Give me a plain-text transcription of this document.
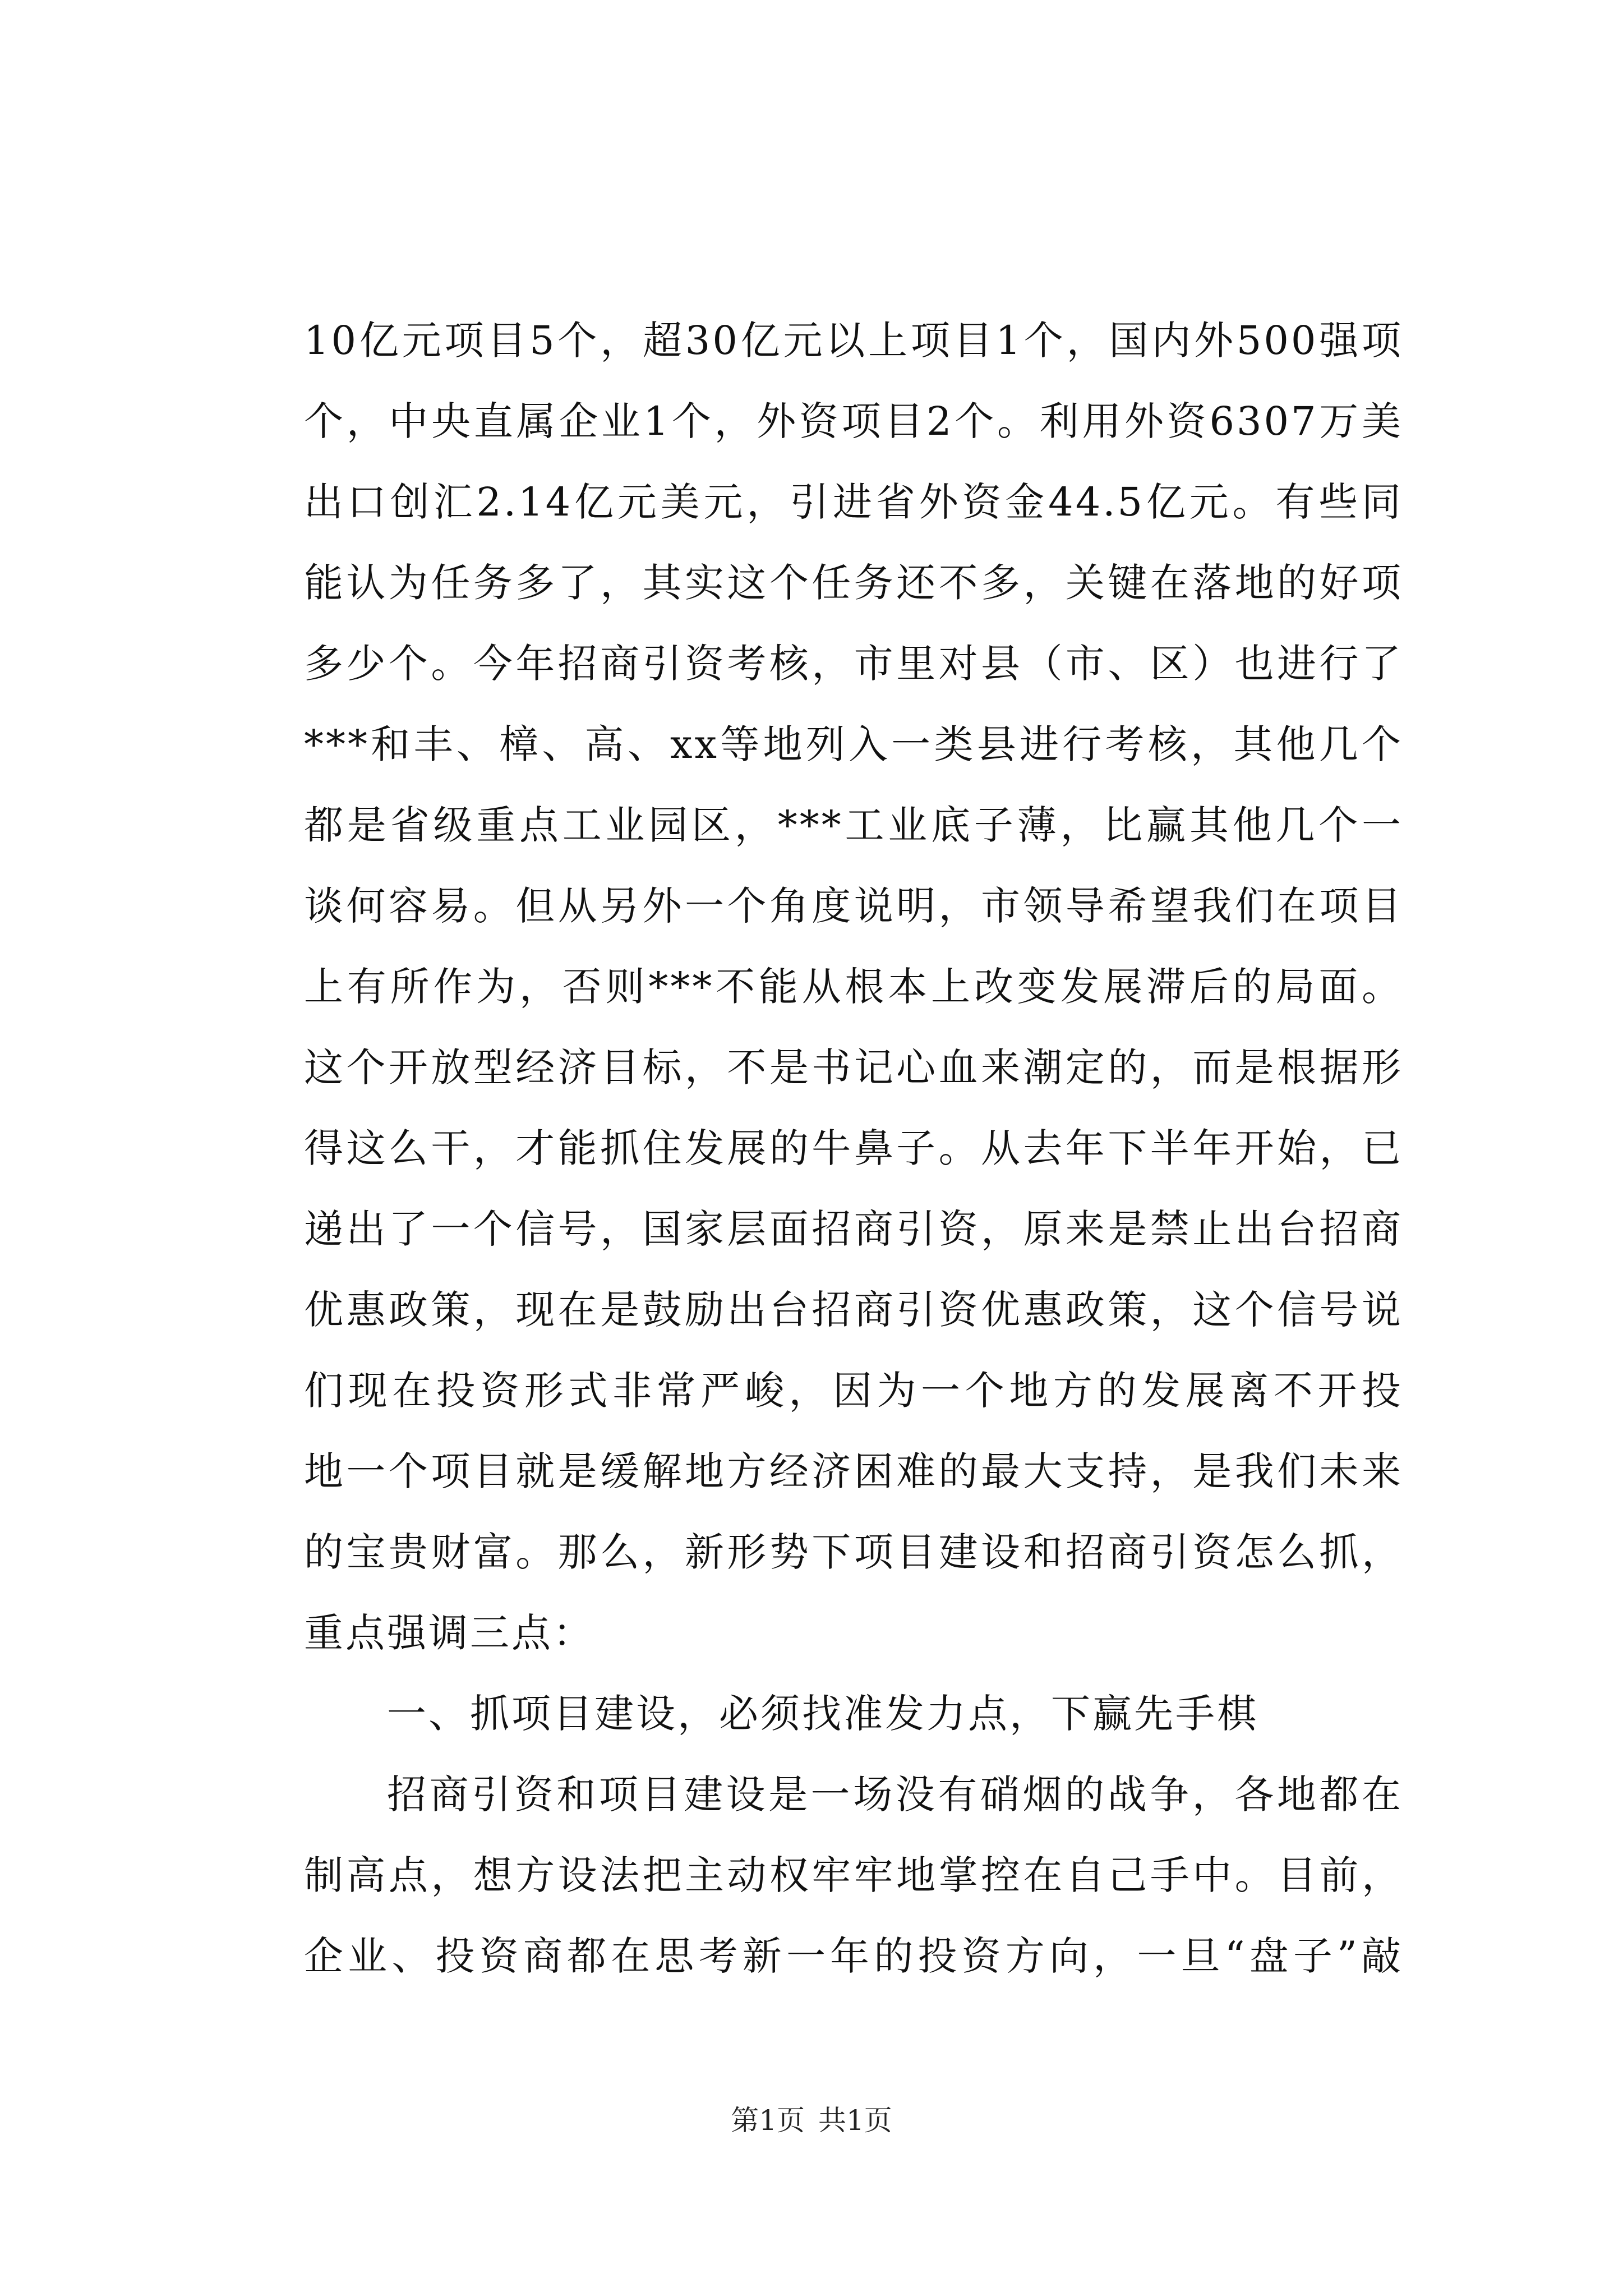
10亿元项目5个，超30亿元以上项目1个，国内外500强项
个，中央直属企业1个，外资项目2个。利用外资6307万美
出口创汇2.14亿元美元，引进省外资金44.5亿元。有些同
能认为任务多了，其实这个任务还不多，关键在落地的好项
多少个。今年招商引资考核，市里对县（市、区）也进行了
***和丰、樟、高、xx等地列入一类县进行考核，其他几个
都是省级重点工业园区，***工业底子薄，比赢其他几个一
谈何容易。但从另外一个角度说明，市领导希望我们在项目
上有所作为，否则***不能从根本上改变发展滞后的局面。
这个开放型经济目标，不是书记心血来潮定的，而是根据形
得这么干，才能抓住发展的牛鼻子。从去年下半年开始，已
递出了一个信号，国家层面招商引资，原来是禁止出台招商
优惠政策，现在是鼓励出台招商引资优惠政策，这个信号说
们现在投资形式非常严峻，因为一个地方的发展离不开投
地一个项目就是缓解地方经济困难的最大支持，是我们未来
的宝贵财富。那么，新形势下项目建设和招商引资怎么抓，
重点强调三点：
一、抓项目建设，必须找准发力点，下赢先手棋
招商引资和项目建设是一场没有硝烟的战争，各地都在
制高点，想方设法把主动权牢牢地掌控在自己手中。目前，
企业、投资商都在思考新一年的投资方向，一旦“盘子”敲
第1页 共1页
